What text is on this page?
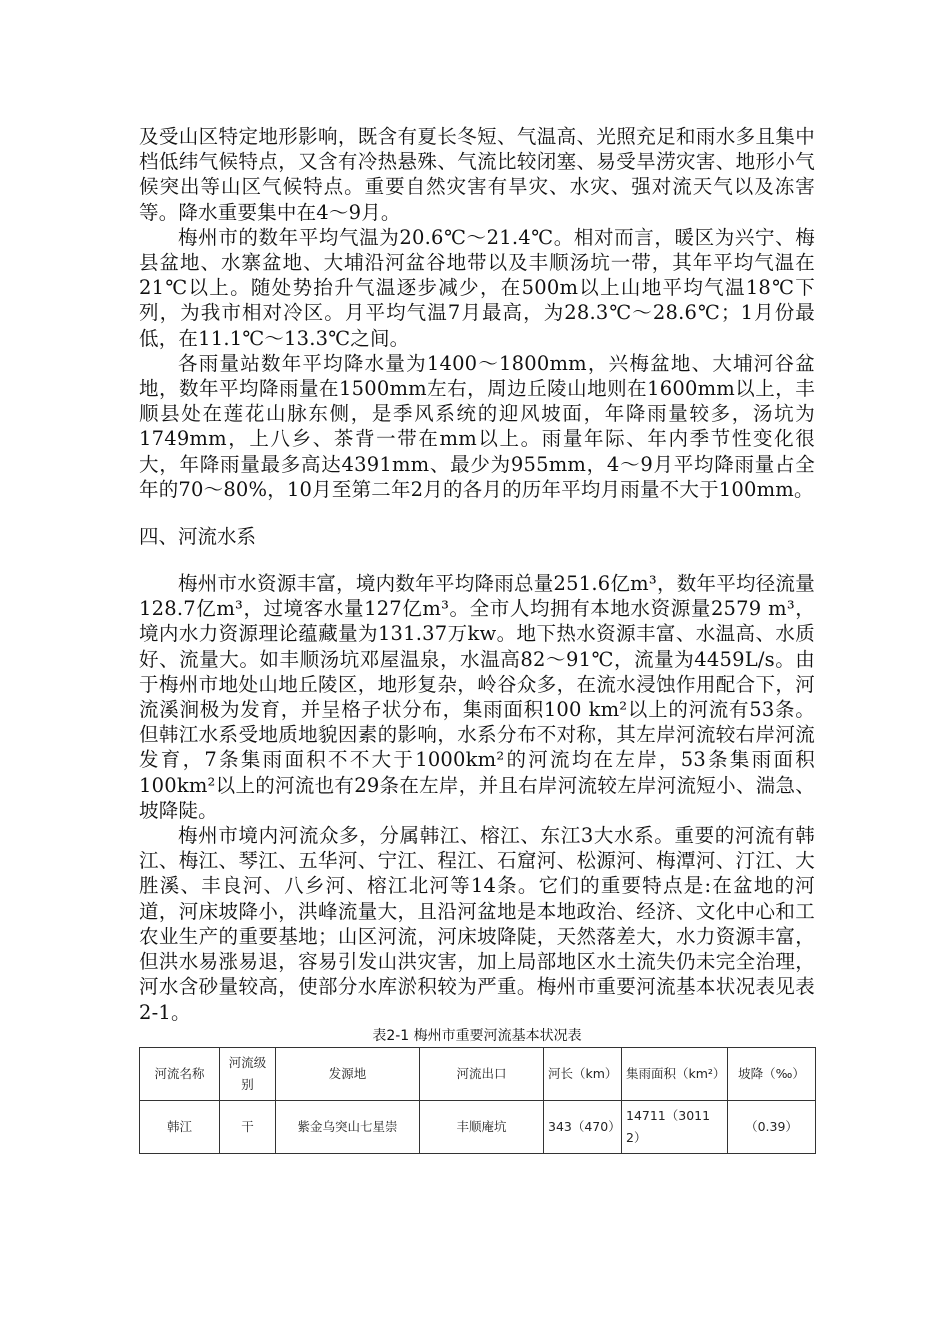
及受山区特定地形影响，既含有夏长冬短、气温高、光照充足和雨水多且集中档低纬气候特点，又含有冷热悬殊、气流比较闭塞、易受旱涝灾害、地形小气候突出等山区气候特点。重要自然灾害有旱灾、水灾、强对流天气以及冻害等。降水重要集中在4～9月。

梅州市的数年平均气温为20.6℃～21.4℃。相对而言，暖区为兴宁、梅县盆地、水寨盆地、大埔沿河盆谷地带以及丰顺汤坑一带，其年平均气温在21℃以上。随处势抬升气温逐步减少，在500m以上山地平均气温18℃下列，为我市相对冷区。月平均气温7月最高，为28.3℃～28.6℃；1月份最低，在11.1℃～13.3℃之间。

各雨量站数年平均降水量为1400～1800mm，兴梅盆地、大埔河谷盆地，数年平均降雨量在1500mm左右，周边丘陵山地则在1600mm以上，丰顺县处在莲花山脉东侧，是季风系统的迎风坡面，年降雨量较多，汤坑为1749mm，上八乡、茶背一带在mm以上。雨量年际、年内季节性变化很大，年降雨量最多高达4391mm、最少为955mm，4～9月平均降雨量占全年的70～80%，10月至第二年2月的各月的历年平均月雨量不大于100mm。

四、河流水系

梅州市水资源丰富，境内数年平均降雨总量251.6亿m³，数年平均径流量128.7亿m³，过境客水量127亿m³。全市人均拥有本地水资源量2579 m³，境内水力资源理论蕴藏量为131.37万kw。地下热水资源丰富、水温高、水质好、流量大。如丰顺汤坑邓屋温泉，水温高82～91℃，流量为4459L/s。由于梅州市地处山地丘陵区，地形复杂，岭谷众多，在流水浸蚀作用配合下，河流溪涧极为发育，并呈格子状分布，集雨面积100 km²以上的河流有53条。但韩江水系受地质地貌因素的影响，水系分布不对称，其左岸河流较右岸河流发育，7条集雨面积不不大于1000km²的河流均在左岸，53条集雨面积100km²以上的河流也有29条在左岸，并且右岸河流较左岸河流短小、湍急、坡降陡。

梅州市境内河流众多，分属韩江、榕江、东江3大水系。重要的河流有韩江、梅江、琴江、五华河、宁江、程江、石窟河、松源河、梅潭河、汀江、大胜溪、丰良河、八乡河、榕江北河等14条。它们的重要特点是:在盆地的河道，河床坡降小，洪峰流量大，且沿河盆地是本地政治、经济、文化中心和工农业生产的重要基地；山区河流，河床坡降陡，天然落差大，水力资源丰富，但洪水易涨易退，容易引发山洪灾害，加上局部地区水土流失仍未完全治理，河水含砂量较高，使部分水库淤积较为严重。梅州市重要河流基本状况表见表2-1。

表2-1 梅州市重要河流基本状况表
河流名称	河流级别	发源地	河流出口	河长（km）	集雨面积（km²）	坡降（‰）
韩江	干	紫金乌突山七星崇	丰顺庵坑	343（470）	14711（30112）	（0.39）
